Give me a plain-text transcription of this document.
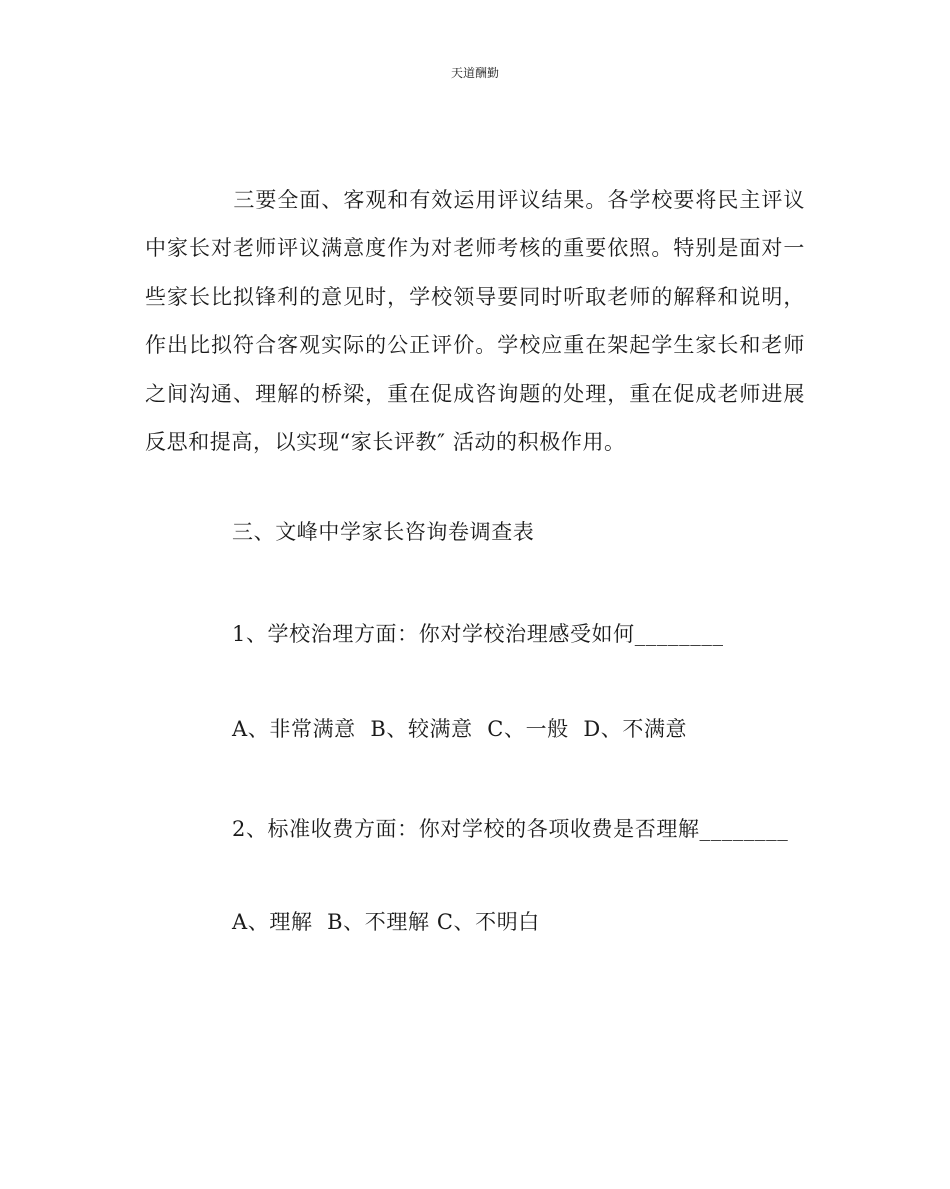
天道酬勤
三要全面、客观和有效运用评议结果。各学校要将民主评议中家长对老师评议满意度作为对老师考核的重要依照。特别是面对一些家长比拟锋利的意见时，学校领导要同时听取老师的解释和说明，作出比拟符合客观实际的公正评价。学校应重在架起学生家长和老师之间沟通、理解的桥梁，重在促成咨询题的处理，重在促成老师进展反思和提高，以实现“家长评教″ 活动的积极作用。
三、文峰中学家长咨询卷调查表
1、学校治理方面：你对学校治理感受如何________
A、非常满意  B、较满意  C、一般  D、不满意
2、标准收费方面：你对学校的各项收费是否理解________
A、理解  B、不理解 C、不明白
